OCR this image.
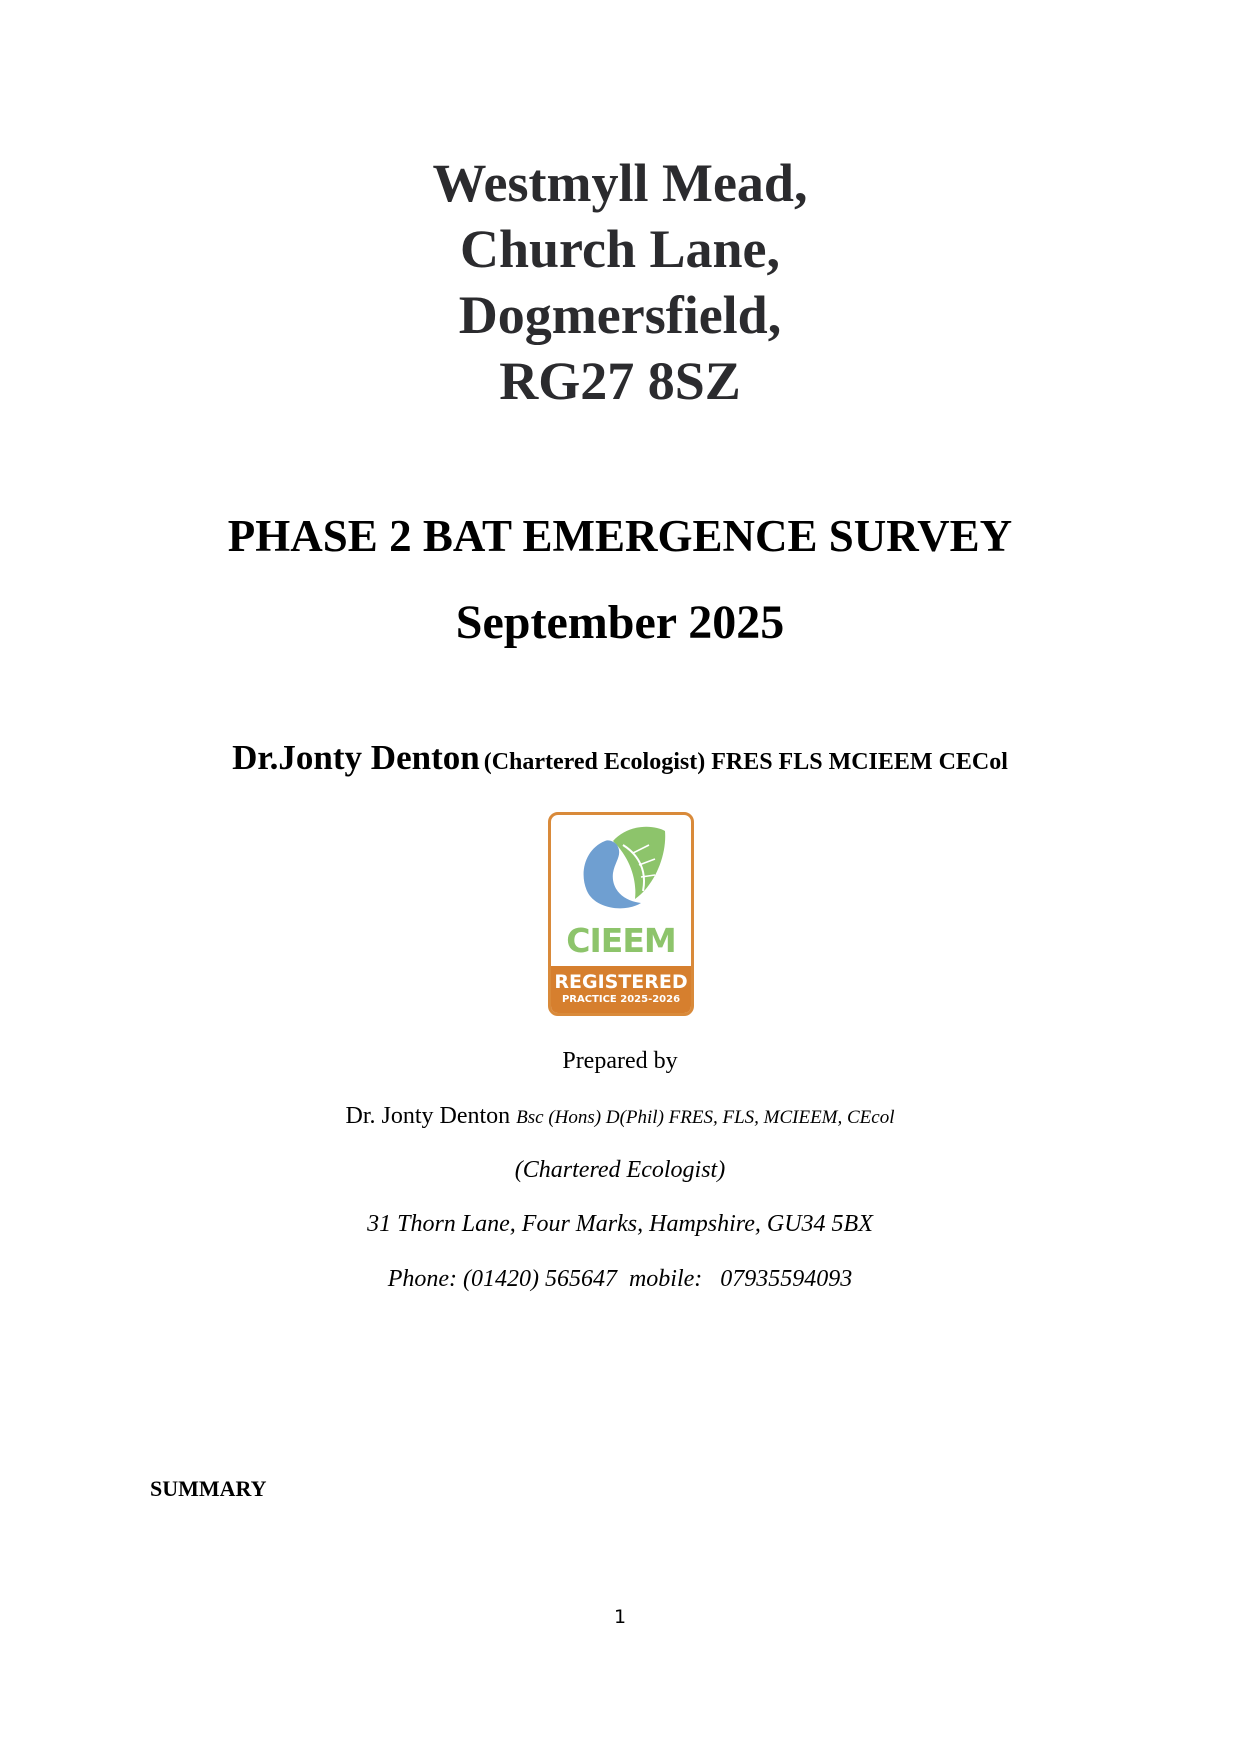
Westmyll Mead,
Church Lane,
Dogmersfield,
RG27 8SZ
PHASE 2 BAT EMERGENCE SURVEY
September 2025
Dr.Jonty Denton (Chartered Ecologist) FRES FLS MCIEEM CECol
CIEEM
REGISTERED
PRACTICE 2025-2026
Prepared by
Dr. Jonty Denton Bsc (Hons) D(Phil) FRES, FLS, MCIEEM, CEcol
(Chartered Ecologist)
31 Thorn Lane, Four Marks, Hampshire, GU34 5BX
Phone: (01420) 565647  mobile:   07935594093
SUMMARY
1
